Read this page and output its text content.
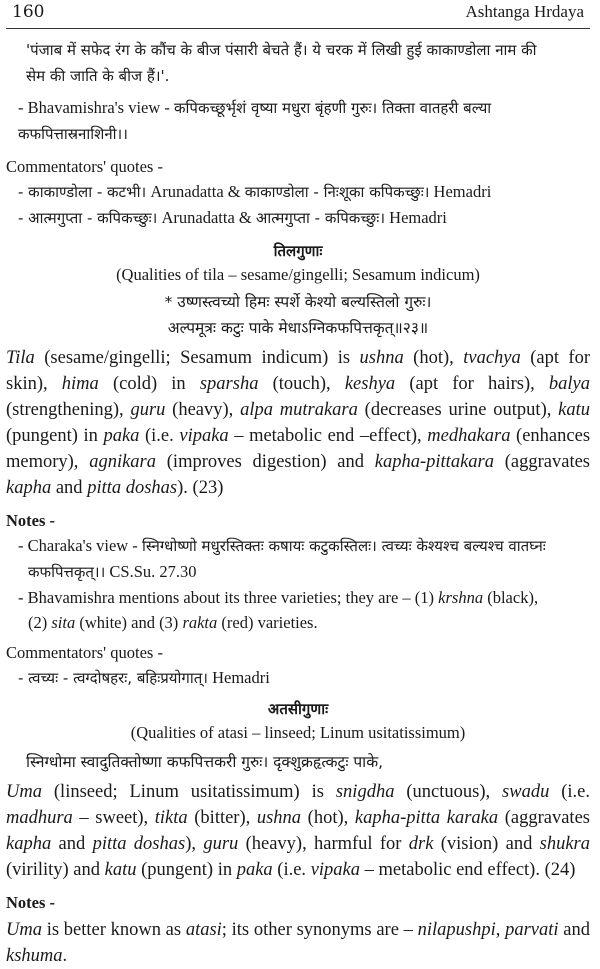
160	Ashtanga Hrdaya
'पंजाब में सफेद रंग के कौंच के बीज पंसारी बेचते हैं। ये चरक में लिखी हुई काकाण्डोला नाम की
सेम की जाति के बीज हैं।'.
- Bhavamishra's view - कपिकच्छूर्भृशं वृष्या मधुरा बृंहणी गुरुः। तिक्ता वातहरी बल्या कफपित्तास्रनाशिनी।।
Commentators' quotes -
- काकाण्डोला - कटभी। Arunadatta & काकाण्डोला - निःशूका कपिकच्छुः। Hemadri
- आत्मगुप्ता - कपिकच्छुः। Arunadatta & आत्मगुप्ता - कपिकच्छुः। Hemadri
तिलगुणाः
(Qualities of tila – sesame/gingelli; Sesamum indicum)
* उष्णस्त्वच्यो हिमः स्पर्शे केश्यो बल्यस्तिलो गुरुः।
अल्पमूत्रः कटुः पाके मेधाऽग्निकफपित्तकृत्॥२३॥

Tila (sesame/gingelli; Sesamum indicum) is ushna (hot), tvachya (apt for skin), hima (cold) in sparsha (touch), keshya (apt for hairs), balya (strengthening), guru (heavy), alpa mutrakara (decreases urine output), katu (pungent) in paka (i.e. vipaka – metabolic end –effect), medhakara (enhances memory), agnikara (improves digestion) and kapha-pittakara (aggravates kapha and pitta doshas). (23)

Notes -
- Charaka's view - स्निग्धोष्णो मधुरस्तिक्तः कषायः कटुकस्तिलः। त्वच्यः केश्यश्च बल्यश्च वातघ्नः
कफपित्तकृत्।। CS.Su. 27.30
- Bhavamishra mentions about its three varieties; they are – (1) krshna (black),
(2) sita (white) and (3) rakta (red) varieties.
Commentators' quotes -
- त्वच्यः - त्वग्दोषहरः, बहिःप्रयोगात्। Hemadri
अतसीगुणाः
(Qualities of atasi – linseed; Linum usitatissimum)
स्निग्धोमा स्वादुतिक्तोष्णा कफपित्तकरी गुरुः। दृक्शुक्रहृत्कटुः पाके,

Uma (linseed; Linum usitatissimum) is snigdha (unctuous), swadu (i.e. madhura – sweet), tikta (bitter), ushna (hot), kapha-pitta karaka (aggravates kapha and pitta doshas), guru (heavy), harmful for drk (vision) and shukra (virility) and katu (pungent) in paka (i.e. vipaka – metabolic end effect). (24)

Notes -

Uma is better known as atasi; its other synonyms are – nilapushpi, parvati and kshuma.
